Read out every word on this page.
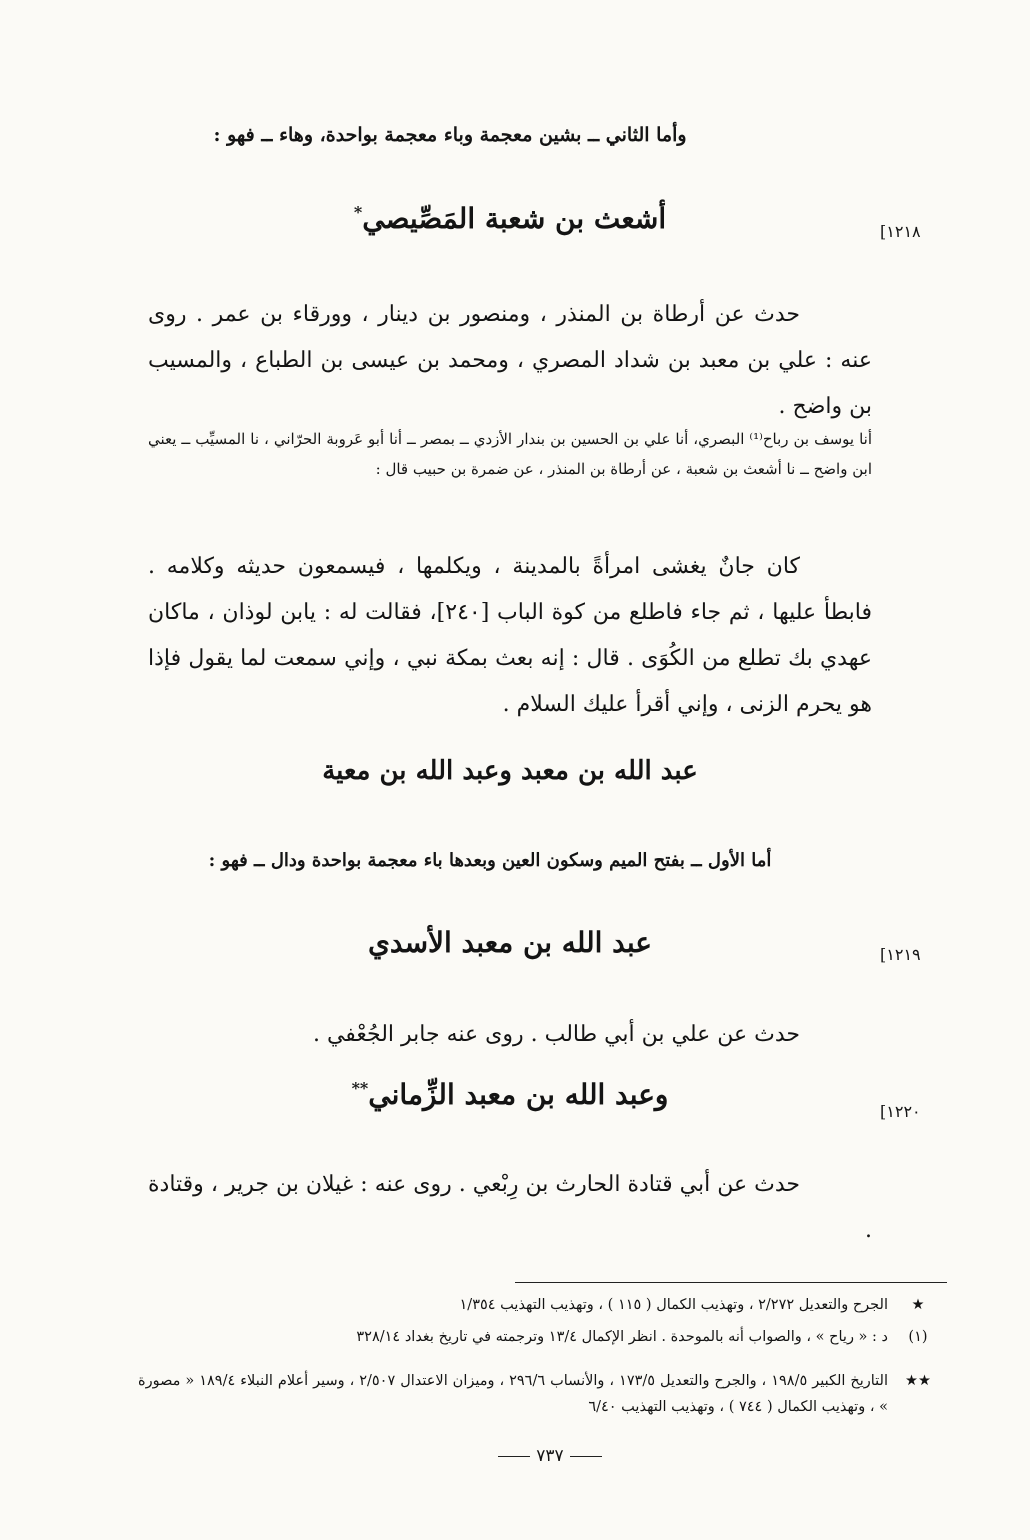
وأما الثاني ــ بشين معجمة وباء معجمة بواحدة، وهاء ــ فهو :
[١٢١٨
أشعث بن شعبة المَصِّيصي*
حدث عن أرطاة بن المنذر ، ومنصور بن دينار ، وورقاء بن عمر . روى عنه : علي بن معبد بن شداد المصري ، ومحمد بن عيسى بن الطباع ، والمسيب بن واضح .
أنا يوسف بن رباح⁽¹⁾ البصري، أنا علي بن الحسين بن بندار الأزدي ــ بمصر ــ أنا أبو عَروبة الحرّاني ، نا المسيِّب ــ يعني ابن واضح ــ نا أشعث بن شعبة ، عن أرطاة بن المنذر ، عن ضمرة بن حبيب قال :
كان جانٌ يغشى امرأةً بالمدينة ، ويكلمها ، فيسمعون حديثه وكلامه . فابطأ عليها ، ثم جاء فاطلع من كوة الباب [٢٤٠]، فقالت له : يابن لوذان ، ماكان عهدي بك تطلع من الكُوَى . قال : إنه بعث بمكة نبي ، وإني سمعت لما يقول فإذا هو يحرم الزنى ، وإني أقرأ عليك السلام .
عبد الله بن معبد وعبد الله بن معية
أما الأول ــ بفتح الميم وسكون العين وبعدها باء معجمة بواحدة ودال ــ فهو :
[١٢١٩
عبد الله بن معبد الأسدي
حدث عن علي بن أبي طالب . روى عنه جابر الجُعْفي .
[١٢٢٠
وعبد الله بن معبد الزِّماني**
حدث عن أبي قتادة الحارث بن رِبْعي . روى عنه : غيلان بن جرير ، وقتادة .
★
الجرح والتعديل ٢/٢٧٢ ، وتهذيب الكمال ( ١١٥ ) ، وتهذيب التهذيب ١/٣٥٤
(١)
د : « رياح » ، والصواب أنه بالموحدة . انظر الإكمال ١٣/٤ وترجمته في تاريخ بغداد ٣٢٨/١٤
★★
التاريخ الكبير ١٩٨/٥ ، والجرح والتعديل ١٧٣/٥ ، والأنساب ٢٩٦/٦ ، وميزان الاعتدال ٢/٥٠٧ ، وسير أعلام النبلاء ١٨٩/٤ « مصورة » ، وتهذيب الكمال ( ٧٤٤ ) ، وتهذيب التهذيب ٦/٤٠
٧٣٧
